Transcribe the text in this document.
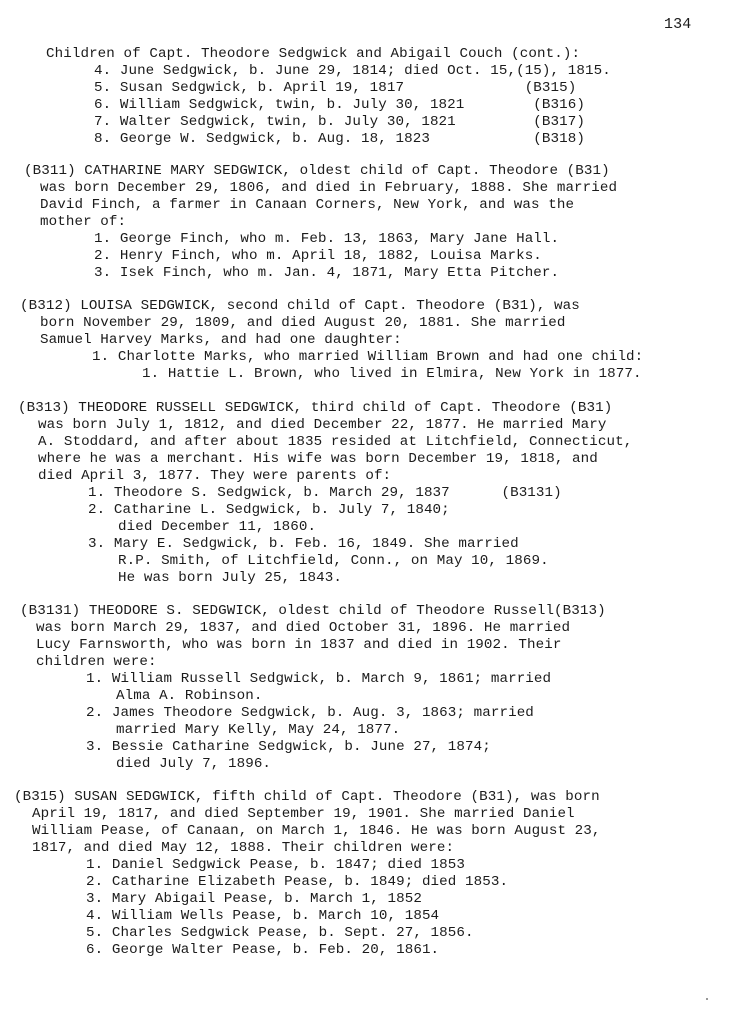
134
Children of Capt. Theodore Sedgwick and Abigail Couch (cont.):
4. June Sedgwick, b. June 29, 1814; died Oct. 15,(15), 1815.
5. Susan Sedgwick, b. April 19, 1817              (B315)
6. William Sedgwick, twin, b. July 30, 1821        (B316)
7. Walter Sedgwick, twin, b. July 30, 1821         (B317)
8. George W. Sedgwick, b. Aug. 18, 1823            (B318)
(B311) CATHARINE MARY SEDGWICK, oldest child of Capt. Theodore (B31)
was born December 29, 1806, and died in February, 1888. She married
David Finch, a farmer in Canaan Corners, New York, and was the
mother of:
1. George Finch, who m. Feb. 13, 1863, Mary Jane Hall.
2. Henry Finch, who m. April 18, 1882, Louisa Marks.
3. Isek Finch, who m. Jan. 4, 1871, Mary Etta Pitcher.
(B312) LOUISA SEDGWICK, second child of Capt. Theodore (B31), was
born November 29, 1809, and died August 20, 1881. She married
Samuel Harvey Marks, and had one daughter:
1. Charlotte Marks, who married William Brown and had one child:
1. Hattie L. Brown, who lived in Elmira, New York in 1877.
(B313) THEODORE RUSSELL SEDGWICK, third child of Capt. Theodore (B31)
was born July 1, 1812, and died December 22, 1877. He married Mary
A. Stoddard, and after about 1835 resided at Litchfield, Connecticut,
where he was a merchant. His wife was born December 19, 1818, and
died April 3, 1877. They were parents of:
1. Theodore S. Sedgwick, b. March 29, 1837      (B3131)
2. Catharine L. Sedgwick, b. July 7, 1840;
died December 11, 1860.
3. Mary E. Sedgwick, b. Feb. 16, 1849. She married
R.P. Smith, of Litchfield, Conn., on May 10, 1869.
He was born July 25, 1843.
(B3131) THEODORE S. SEDGWICK, oldest child of Theodore Russell(B313)
was born March 29, 1837, and died October 31, 1896. He married
Lucy Farnsworth, who was born in 1837 and died in 1902. Their
children were:
1. William Russell Sedgwick, b. March 9, 1861; married
Alma A. Robinson.
2. James Theodore Sedgwick, b. Aug. 3, 1863; married
married Mary Kelly, May 24, 1877.
3. Bessie Catharine Sedgwick, b. June 27, 1874;
died July 7, 1896.
(B315) SUSAN SEDGWICK, fifth child of Capt. Theodore (B31), was born
April 19, 1817, and died September 19, 1901. She married Daniel
William Pease, of Canaan, on March 1, 1846. He was born August 23,
1817, and died May 12, 1888. Their children were:
1. Daniel Sedgwick Pease, b. 1847; died 1853
2. Catharine Elizabeth Pease, b. 1849; died 1853.
3. Mary Abigail Pease, b. March 1, 1852
4. William Wells Pease, b. March 10, 1854
5. Charles Sedgwick Pease, b. Sept. 27, 1856.
6. George Walter Pease, b. Feb. 20, 1861.
